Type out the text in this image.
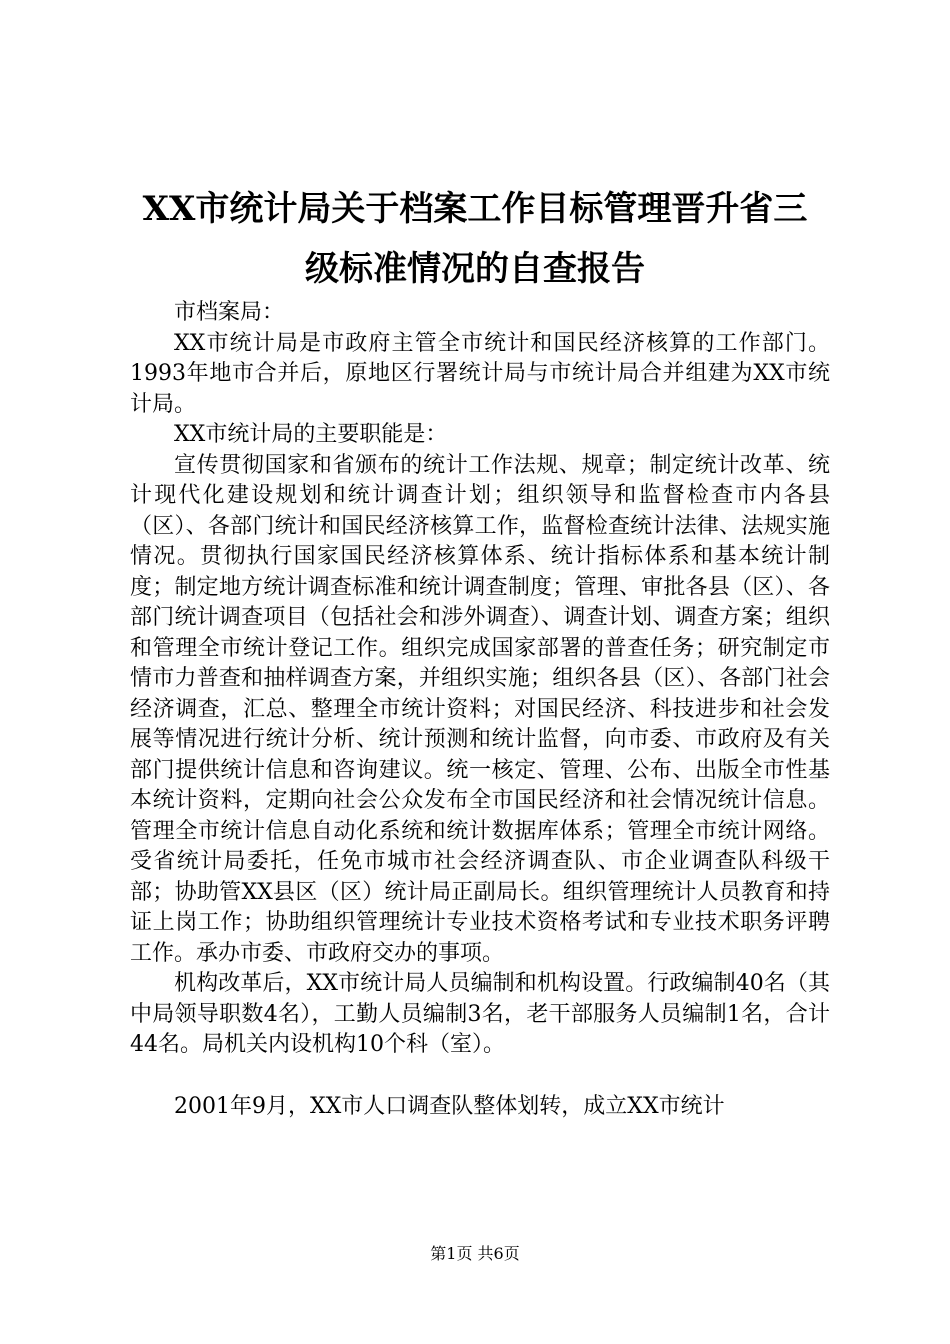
XX市统计局关于档案工作目标管理晋升省三
级标准情况的自查报告

市档案局：

XX市统计局是市政府主管全市统计和国民经济核算的工作部门。1993年地市合并后，原地区行署统计局与市统计局合并组建为XX市统计局。

XX市统计局的主要职能是：

宣传贯彻国家和省颁布的统计工作法规、规章；制定统计改革、统计现代化建设规划和统计调查计划；组织领导和监督检查市内各县（区）、各部门统计和国民经济核算工作，监督检查统计法律、法规实施情况。贯彻执行国家国民经济核算体系、统计指标体系和基本统计制度；制定地方统计调查标准和统计调查制度；管理、审批各县（区）、各部门统计调查项目（包括社会和涉外调查）、调查计划、调查方案；组织和管理全市统计登记工作。组织完成国家部署的普查任务；研究制定市情市力普查和抽样调查方案，并组织实施；组织各县（区）、各部门社会经济调查，汇总、整理全市统计资料；对国民经济、科技进步和社会发展等情况进行统计分析、统计预测和统计监督，向市委、市政府及有关部门提供统计信息和咨询建议。统一核定、管理、公布、出版全市性基本统计资料，定期向社会公众发布全市国民经济和社会情况统计信息。管理全市统计信息自动化系统和统计数据库体系；管理全市统计网络。受省统计局委托，任免市城市社会经济调查队、市企业调查队科级干部；协助管XX县区（区）统计局正副局长。组织管理统计人员教育和持证上岗工作；协助组织管理统计专业技术资格考试和专业技术职务评聘工作。承办市委、市政府交办的事项。

机构改革后，XX市统计局人员编制和机构设置。行政编制40名（其中局领导职数4名），工勤人员编制3名，老干部服务人员编制1名，合计44名。局机关内设机构10个科（室）。

2001年9月，XX市人口调查队整体划转，成立XX市统计

第1页 共6页
